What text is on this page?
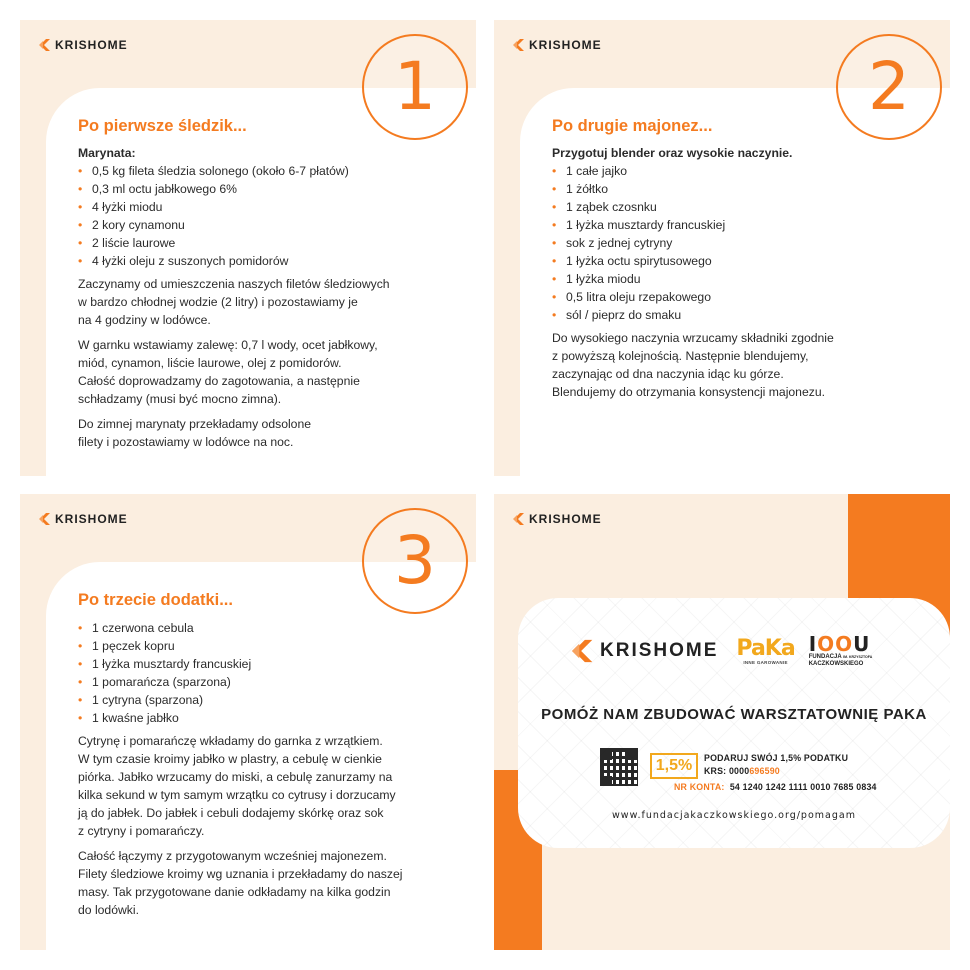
KRISHOME
1
Po pierwsze śledzik...
Marynata:
• 0,5 kg fileta śledzia solonego (około 6-7 płatów)
• 0,3 ml octu jabłkowego 6%
• 4 łyżki miodu
• 2 kory cynamonu
• 2 liście laurowe
• 4 łyżki oleju z suszonych pomidorów
Zaczynamy od umieszczenia naszych filetów śledziowych
w bardzo chłodnej wodzie (2 litry) i pozostawiamy je
na 4 godziny w lodówce.
W garnku wstawiamy zalewę: 0,7 l wody, ocet jabłkowy,
miód, cynamon, liście laurowe, olej z pomidorów.
Całość doprowadzamy do zagotowania, a następnie
schładzamy (musi być mocno zimna).
Do zimnej marynaty przekładamy odsolone
filety i pozostawiamy w lodówce na noc.
KRISHOME
2
Po drugie majonez...
Przygotuj blender oraz wysokie naczynie.
• 1 całe jajko
• 1 żółtko
• 1 ząbek czosnku
• 1 łyżka musztardy francuskiej
• sok z jednej cytryny
• 1 łyżka octu spirytusowego
• 1 łyżka miodu
• 0,5 litra oleju rzepakowego
• sól / pieprz do smaku
Do wysokiego naczynia wrzucamy składniki zgodnie
z powyższą kolejnością. Następnie blendujemy,
zaczynając od dna naczynia idąc ku górze.
Blendujemy do otrzymania konsystencji majonezu.
KRISHOME
3
Po trzecie dodatki...
• 1 czerwona cebula
• 1 pęczek kopru
• 1 łyżka musztardy francuskiej
• 1 pomarańcza (sparzona)
• 1 cytryna (sparzona)
• 1 kwaśne jabłko
Cytrynę i pomarańczę wkładamy do garnka z wrzątkiem.
W tym czasie kroimy jabłko w plastry, a cebulę w cienkie
piórka. Jabłko wrzucamy do miski, a cebulę zanurzamy na
kilka sekund w tym samym wrzątku co cytrusy i dorzucamy
ją do jabłek. Do jabłek i cebuli dodajemy skórkę oraz sok
z cytryny i pomarańczy.
Całość łączymy z przygotowanym wcześniej majonezem.
Filety śledziowe kroimy wg uznania i przekładamy do naszej
masy. Tak przygotowane danie odkładamy na kilka godzin
do lodówki.
KRISHOME
KRISHOME PaKa
INNE GAROWANIE
IOOU
FUNDACJA IM. KRZYSZTOFA
KACZKOWSKIEGO
POMÓŻ NAM ZBUDOWAĆ WARSZTATOWNIĘ PAKA
1,5%	PODARUJ SWÓJ 1,5% PODATKU
KRS: 0000696590
NR KONTA: 54 1240 1242 1111 0010 7685 0834
www.fundacjakaczkowskiego.org/pomagam
